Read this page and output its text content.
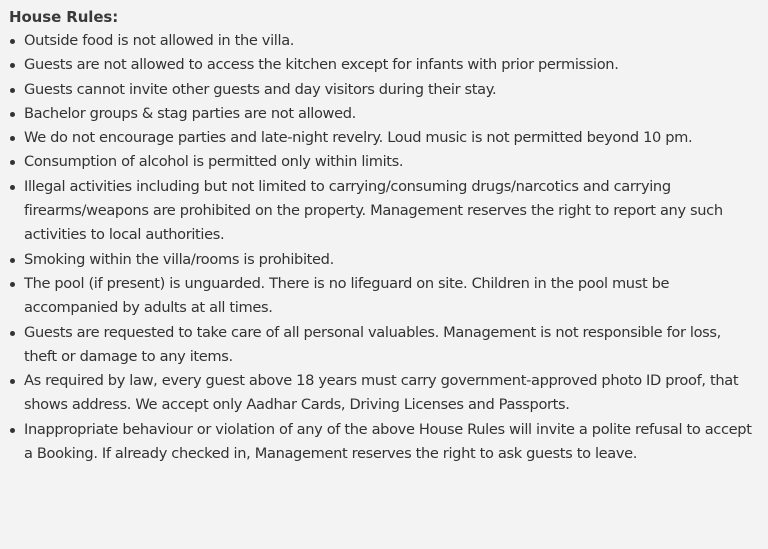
House Rules:
Outside food is not allowed in the villa.
Guests are not allowed to access the kitchen except for infants with prior permission.
Guests cannot invite other guests and day visitors during their stay.
Bachelor groups & stag parties are not allowed.
We do not encourage parties and late-night revelry. Loud music is not permitted beyond 10 pm.
Consumption of alcohol is permitted only within limits.
Illegal activities including but not limited to carrying/consuming drugs/narcotics and carrying firearms/weapons are prohibited on the property. Management reserves the right to report any such activities to local authorities.
Smoking within the villa/rooms is prohibited.
The pool (if present) is unguarded. There is no lifeguard on site. Children in the pool must be accompanied by adults at all times.
Guests are requested to take care of all personal valuables. Management is not responsible for loss, theft or damage to any items.
As required by law, every guest above 18 years must carry government-approved photo ID proof, that shows address. We accept only Aadhar Cards, Driving Licenses and Passports.
Inappropriate behaviour or violation of any of the above House Rules will invite a polite refusal to accept a Booking. If already checked in, Management reserves the right to ask guests to leave.
